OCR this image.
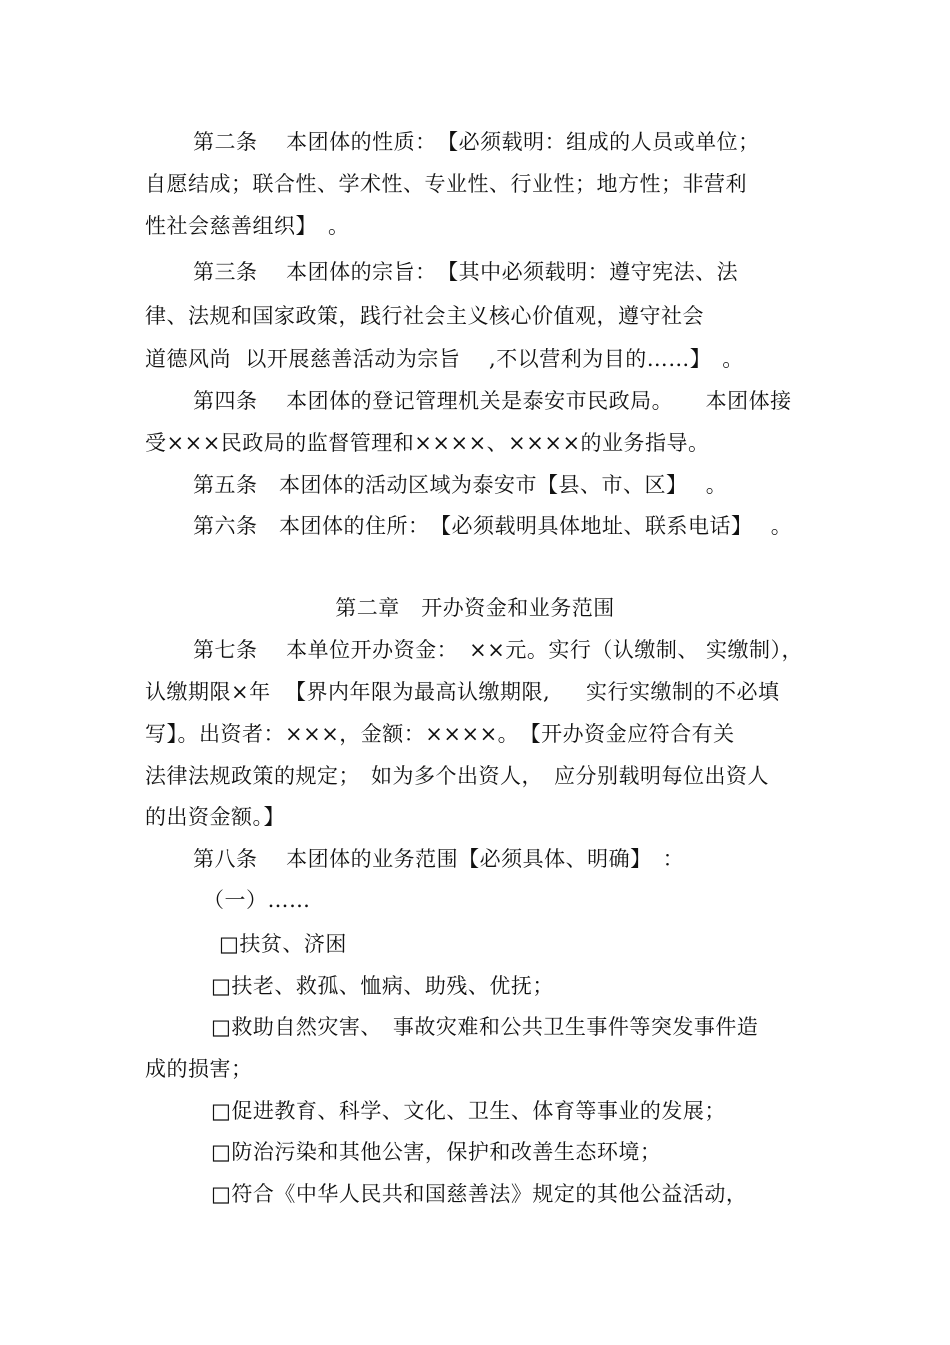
第二条　 本团体的性质：　【必须载明：组成的人员或单位；
自愿结成；联合性、学术性、专业性、行业性；地方性；非营利
性社会慈善组织】　。
第三条　 本团体的宗旨：　【其中必须载明：遵守宪法、法
律、法规和国家政策，践行社会主义核心价值观，遵守社会
道德风尚  以开展慈善活动为宗旨    ,不以营利为目的……】　。
第四条　 本团体的登记管理机关是泰安市民政局。　　本团体接
受×××民政局的监督管理和××××、××××的业务指导。
第五条   本团体的活动区域为泰安市【县、市、区】　 。
第六条   本团体的住所：　【必须载明具体地址、联系电话】　 。
第二章   开办资金和业务范围
第七条　 本单位开办资金：　××元。实行（认缴制、 实缴制），
认缴期限×年  【界内年限为最高认缴期限,　  实行实缴制的不必填
写】。出资者：×××，金额：××××。　【开办资金应符合有关
法律法规政策的规定；　如为多个出资人，　应分别载明每位出资人
的出资金额。】
第八条　 本团体的业务范围【必须具体、明确】　：
（一）……
□扶贫、济困
□扶老、救孤、恤病、助残、优抚；
□救助自然灾害、　事故灾难和公共卫生事件等突发事件造
成的损害；
□促进教育、科学、文化、卫生、体育等事业的发展；
□防治污染和其他公害，保护和改善生态环境；
□符合《中华人民共和国慈善法》规定的其他公益活动，
